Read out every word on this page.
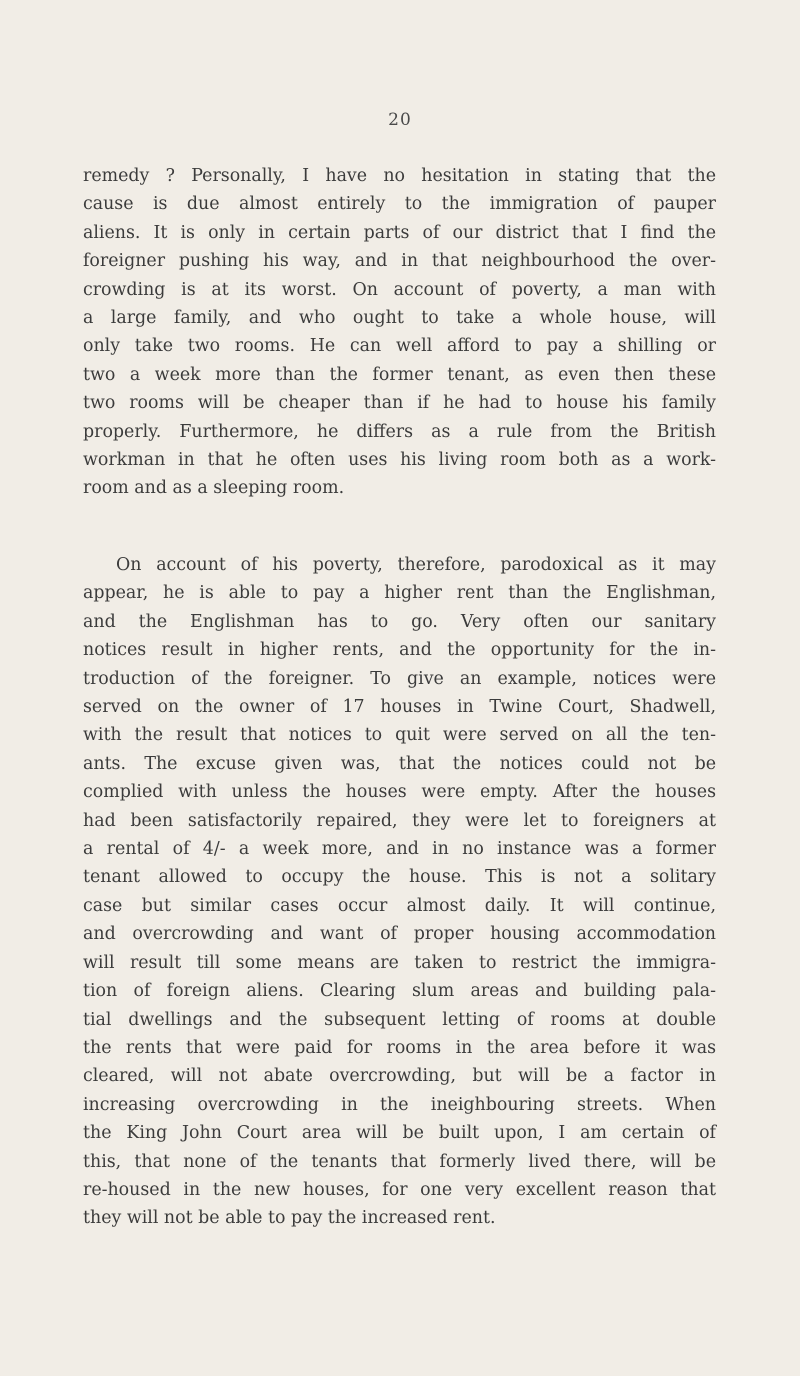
20
remedy ? Personally, I have no hesitation in stating that the
cause is due almost entirely to the immigration of pauper
aliens. It is only in certain parts of our district that I find the
foreigner pushing his way, and in that neighbourhood the over-
crowding is at its worst. On account of poverty, a man with
a large family, and who ought to take a whole house, will
only take two rooms. He can well afford to pay a shilling or
two a week more than the former tenant, as even then these
two rooms will be cheaper than if he had to house his family
properly. Furthermore, he differs as a rule from the British
workman in that he often uses his living room both as a work-
room and as a sleeping room.
On account of his poverty, therefore, parodoxical as it may
appear, he is able to pay a higher rent than the Englishman,
and the Englishman has to go. Very often our sanitary
notices result in higher rents, and the opportunity for the in-
troduction of the foreigner. To give an example, notices were
served on the owner of 17 houses in Twine Court, Shadwell,
with the result that notices to quit were served on all the ten-
ants. The excuse given was, that the notices could not be
complied with unless the houses were empty. After the houses
had been satisfactorily repaired, they were let to foreigners at
a rental of 4/- a week more, and in no instance was a former
tenant allowed to occupy the house. This is not a solitary
case but similar cases occur almost daily. It will continue,
and overcrowding and want of proper housing accommodation
will result till some means are taken to restrict the immigra-
tion of foreign aliens. Clearing slum areas and building pala-
tial dwellings and the subsequent letting of rooms at double
the rents that were paid for rooms in the area before it was
cleared, will not abate overcrowding, but will be a factor in
increasing overcrowding in the ineighbouring streets. When
the King John Court area will be built upon, I am certain of
this, that none of the tenants that formerly lived there, will be
re-housed in the new houses, for one very excellent reason that
they will not be able to pay the increased rent.
